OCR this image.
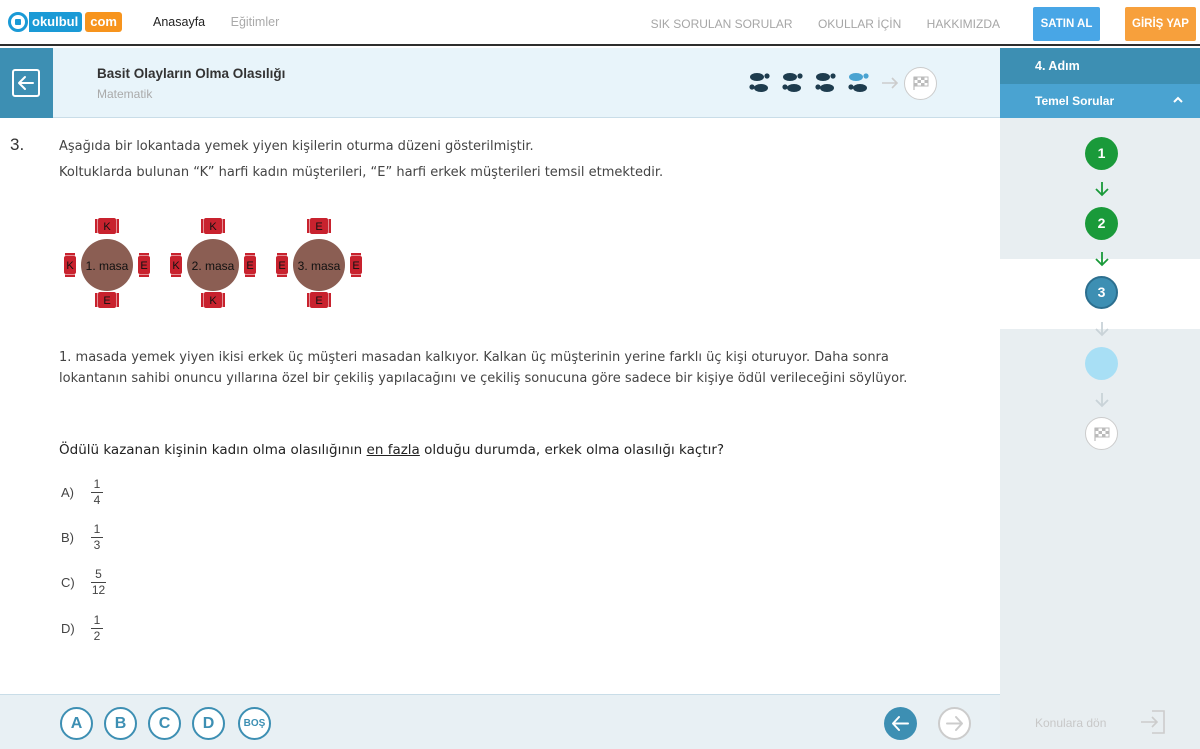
okulbul com	Anasayfa Eğitimler	SIK SORULAN SORULAR OKULLAR İÇİN HAKKIMIZDA	SATIN AL	GİRİŞ YAP
Basit Olayların Olma Olasılığı
Matematik
4. Adım
Temel Sorular
1
2
3
Konulara dön
3.	Aşağıda bir lokantada yemek yiyen kişilerin oturma düzeni gösterilmiştir.
Koltuklarda bulunan “K” harfi kadın müşterileri, “E” harfi erkek müşterileri temsil etmektedir.
K
E
K	E
1. masa
K
K
K	E
2. masa
E
E
E	E
3. masa
1. masada yemek yiyen ikisi erkek üç müşteri masadan kalkıyor. Kalkan üç müşterinin yerine farklı üç kişi oturuyor. Daha sonra lokantanın sahibi onuncu yıllarına özel bir çekiliş yapılacağını ve çekiliş sonucuna göre sadece bir kişiye ödül verileceğini söylüyor.
Ödülü kazanan kişinin kadın olma olasılığının en fazla olduğu durumda, erkek olma olasılığı kaçtır?
A)	$\frac{1}{4}$
B)	$\frac{1}{3}$
C)	$\frac{5}{12}$
D)	$\frac{1}{2}$
A	B	C	D	BOŞ
